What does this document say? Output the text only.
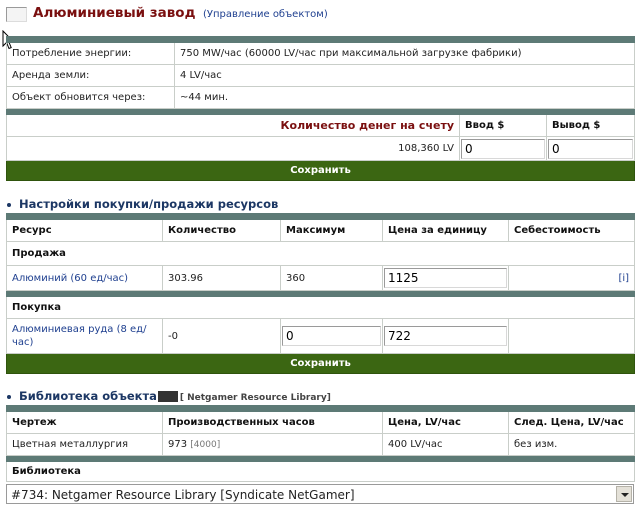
Алюминиевый завод (Управление объектом)

Потребление энергии:	750 MW/час (60000 LV/час при максимальной загрузке фабрики)		
Аренда земли:	4 LV/час		
Объект обновится через:	~44 мин.		

Количество денег на счету		Ввод $	Вывод $
108,360 LV	0	0
Сохранить			
Настройки покупки/продажи ресурсов

Ресурс	Количество	Максимум	Цена за единицу	Себестоимость
Продажа				
Алюминий (60 ед/час)	303.96	360	1125	[i]

Покупка				
Алюминиевая руда (8 ед/
час)	-0	0	722	
Сохранить				
Библиотека объекта	[ Netgamer Resource Library]

Чертеж	Производственных часов	Цена, LV/час	След. Цена, LV/час
Цветная металлургия	973 [4000]	400 LV/час	без изм.

Библиотека			
#734: Netgamer Resource Library [Syndicate NetGamer]
